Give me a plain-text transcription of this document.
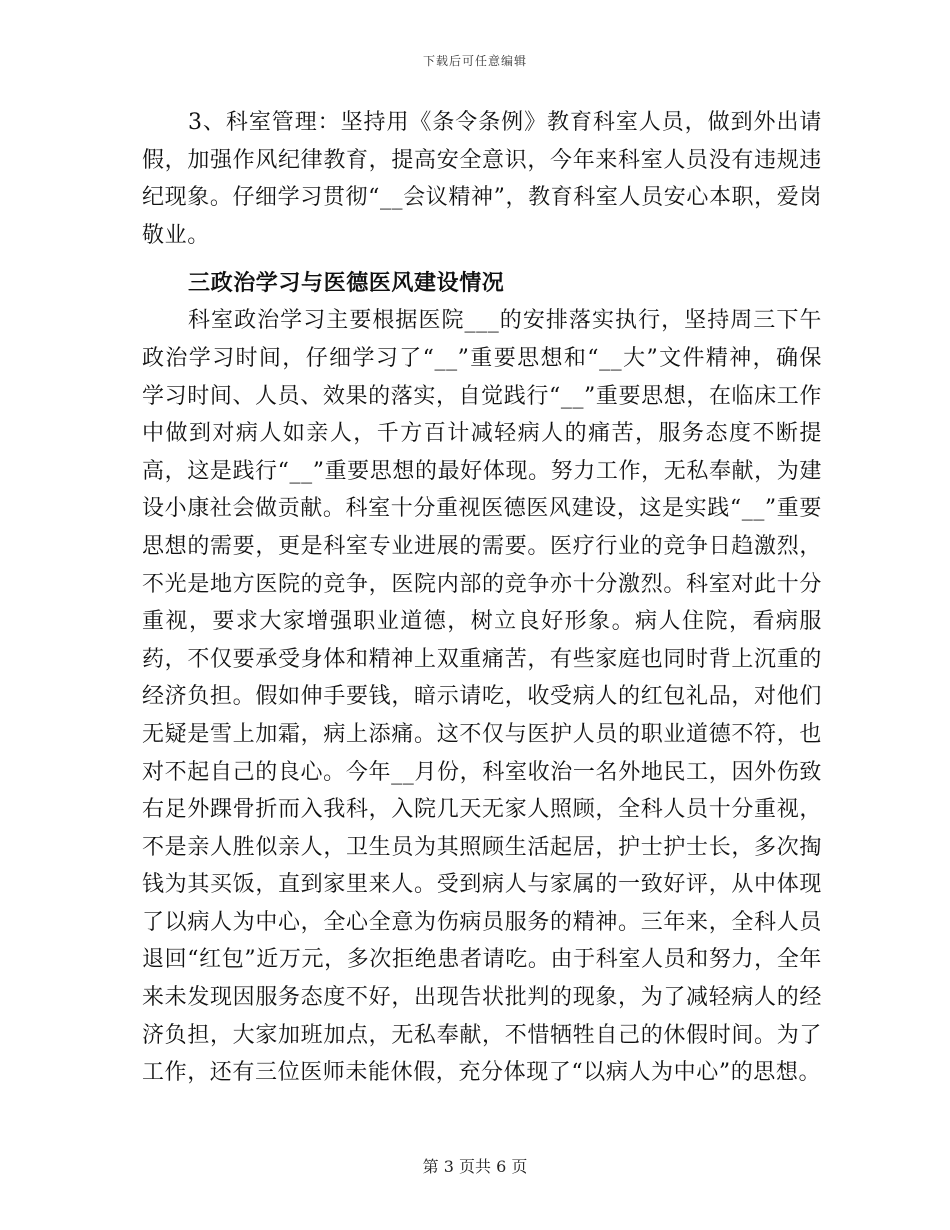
下载后可任意编辑

3、科室管理：坚持用《条令条例》教育科室人员，做到外出请假，加强作风纪律教育，提高安全意识，今年来科室人员没有违规违纪现象。仔细学习贯彻“__会议精神”，教育科室人员安心本职，爱岗敬业。

三政治学习与医德医风建设情况

科室政治学习主要根据医院___的安排落实执行，坚持周三下午政治学习时间，仔细学习了“__”重要思想和“__大”文件精神，确保学习时间、人员、效果的落实，自觉践行“__”重要思想，在临床工作中做到对病人如亲人，千方百计减轻病人的痛苦，服务态度不断提高，这是践行“__”重要思想的最好体现。努力工作，无私奉献，为建设小康社会做贡献。科室十分重视医德医风建设，这是实践“__”重要思想的需要，更是科室专业进展的需要。医疗行业的竞争日趋激烈，不光是地方医院的竞争，医院内部的竞争亦十分激烈。科室对此十分重视，要求大家增强职业道德，树立良好形象。病人住院，看病服药，不仅要承受身体和精神上双重痛苦，有些家庭也同时背上沉重的经济负担。假如伸手要钱，暗示请吃，收受病人的红包礼品，对他们无疑是雪上加霜，病上添痛。这不仅与医护人员的职业道德不符，也对不起自己的良心。今年__月份，科室收治一名外地民工，因外伤致右足外踝骨折而入我科，入院几天无家人照顾，全科人员十分重视，不是亲人胜似亲人，卫生员为其照顾生活起居，护士护士长，多次掏钱为其买饭，直到家里来人。受到病人与家属的一致好评，从中体现了以病人为中心，全心全意为伤病员服务的精神。三年来，全科人员退回“红包”近万元，多次拒绝患者请吃。由于科室人员和努力，全年来未发现因服务态度不好，出现告状批判的现象，为了减轻病人的经济负担，大家加班加点，无私奉献，不惜牺牲自己的休假时间。为了工作，还有三位医师未能休假，充分体现了“以病人为中心”的思想。

第 3 页共 6 页
